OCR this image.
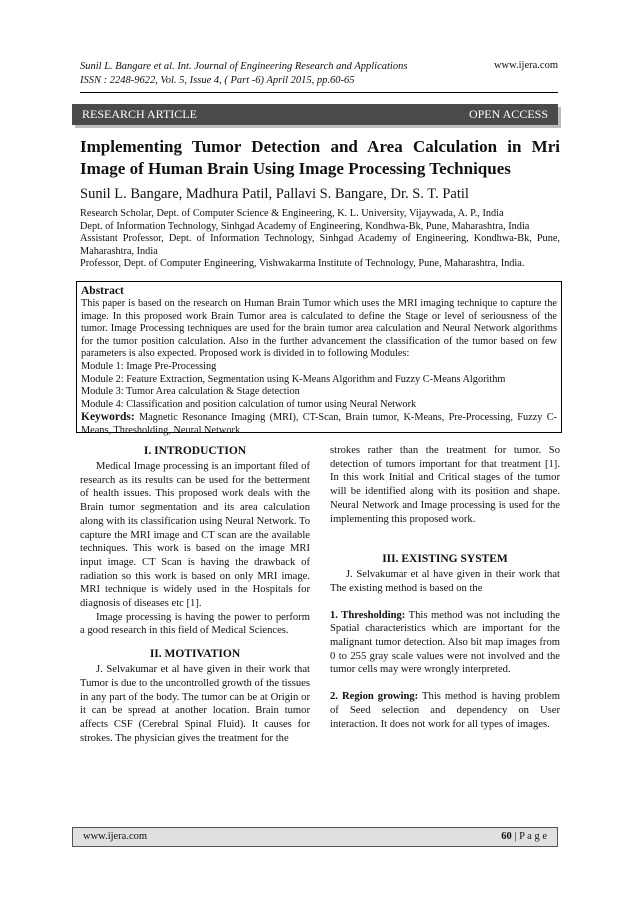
Sunil L. Bangare et al. Int. Journal of Engineering Research and Applications
ISSN : 2248-9622, Vol. 5, Issue 4, ( Part -6) April 2015, pp.60-65
www.ijera.com
RESEARCH ARTICLE	OPEN ACCESS
Implementing Tumor Detection and Area Calculation in Mri Image of Human Brain Using Image Processing Techniques
Sunil L. Bangare, Madhura Patil, Pallavi S. Bangare, Dr. S. T. Patil
Research Scholar, Dept. of Computer Science & Engineering, K. L. University, Vijaywada, A. P., India
Dept. of Information Technology, Sinhgad Academy of Engineering, Kondhwa-Bk, Pune, Maharashtra, India
Assistant Professor, Dept. of Information Technology, Sinhgad Academy of Engineering, Kondhwa-Bk, Pune, Maharashtra, India
Professor, Dept. of Computer Engineering, Vishwakarma Institute of Technology, Pune, Maharashtra, India.
Abstract
This paper is based on the research on Human Brain Tumor which uses the MRI imaging technique to capture the image. In this proposed work Brain Tumor area is calculated to define the Stage or level of seriousness of the tumor. Image Processing techniques are used for the brain tumor area calculation and Neural Network algorithms for the tumor position calculation. Also in the further advancement the classification of the tumor based on few parameters is also expected. Proposed work is divided in to following Modules:
Module 1: Image Pre-Processing
Module 2: Feature Extraction, Segmentation using K-Means Algorithm and Fuzzy C-Means Algorithm
Module 3: Tumor Area calculation & Stage detection
Module 4: Classification and position calculation of tumor using Neural Network
Keywords: Magnetic Resonance Imaging (MRI), CT-Scan, Brain tumor, K-Means, Pre-Processing, Fuzzy C-Means, Thresholding, Neural Network
I. INTRODUCTION

Medical Image processing is an important filed of research as its results can be used for the betterment of health issues. This proposed work deals with the Brain tumor segmentation and its area calculation along with its classification using Neural Network. To capture the MRI image and CT scan are the available techniques. This work is based on the image MRI input image. CT Scan is having the drawback of radiation so this work is based on only MRI image. MRI technique is widely used in the Hospitals for diagnosis of diseases etc [1].

Image processing is having the power to perform a good research in this field of Medical Sciences.

II. MOTIVATION

J. Selvakumar et al have given in their work that Tumor is due to the uncontrolled growth of the tissues in any part of the body. The tumor can be at Origin or it can be spread at another location. Brain tumor affects CSF (Cerebral Spinal Fluid). It causes for strokes. The physician gives the treatment for the

strokes rather than the treatment for tumor. So detection of tumors important for that treatment [1]. In this work Initial and Critical stages of the tumor will be identified along with its position and shape. Neural Network and Image processing is used for the implementing this proposed work.

III. EXISTING SYSTEM

J. Selvakumar et al have given in their work that The existing method is based on the

1. Thresholding: This method was not including the Spatial characteristics which are important for the malignant tumor detection. Also bit map images from 0 to 255 gray scale values were not involved and the tumor cells may were wrongly interpreted.

2. Region growing: This method is having problem of Seed selection and dependency on User interaction. It does not work for all types of images.

www.ijera.com	60 | P a g e
